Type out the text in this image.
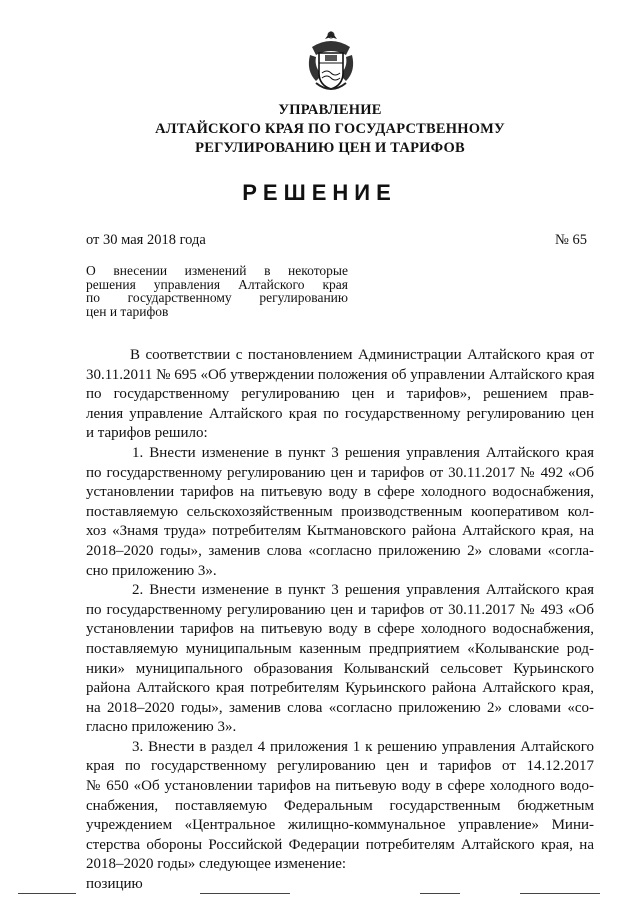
УПРАВЛЕНИЕ
АЛТАЙСКОГО КРАЯ ПО ГОСУДАРСТВЕННОМУ
РЕГУЛИРОВАНИЮ ЦЕН И ТАРИФОВ
РЕШЕНИЕ
от 30 мая 2018 года	№ 65
О внесении изменений в некоторые
решения управления Алтайского края
по государственному регулированию
цен и тарифов
В соответствии с постановлением Администрации Алтайского края от
30.11.2011 № 695 «Об утверждении положения об управлении Алтайского края
по государственному регулированию цен и тарифов», решением прав-
ления управление Алтайского края по государственному регулированию цен
и тарифов решило:
1. Внести изменение в пункт 3 решения управления Алтайского края
по государственному регулированию цен и тарифов от 30.11.2017 № 492 «Об
установлении тарифов на питьевую воду в сфере холодного водоснабжения,
поставляемую сельскохозяйственным производственным кооперативом кол-
хоз «Знамя труда» потребителям Кытмановского района Алтайского края, на
2018–2020 годы», заменив слова «согласно приложению 2» словами «согла-
сно приложению 3».
2. Внести изменение в пункт 3 решения управления Алтайского края
по государственному регулированию цен и тарифов от 30.11.2017 № 493 «Об
установлении тарифов на питьевую воду в сфере холодного водоснабжения,
поставляемую муниципальным казенным предприятием «Колыванские род-
ники» муниципального образования Колыванский сельсовет Курьинского
района Алтайского края потребителям Курьинского района Алтайского края,
на 2018–2020 годы», заменив слова «согласно приложению 2» словами «со-
гласно приложению 3».
3. Внести в раздел 4 приложения 1 к решению управления Алтайского
края по государственному регулированию цен и тарифов от 14.12.2017
№ 650 «Об установлении тарифов на питьевую воду в сфере холодного водо-
снабжения, поставляемую Федеральным государственным бюджетным
учреждением «Центральное жилищно-коммунальное управление» Мини-
стерства обороны Российской Федерации потребителям Алтайского края, на
2018–2020 годы» следующее изменение:
позицию
